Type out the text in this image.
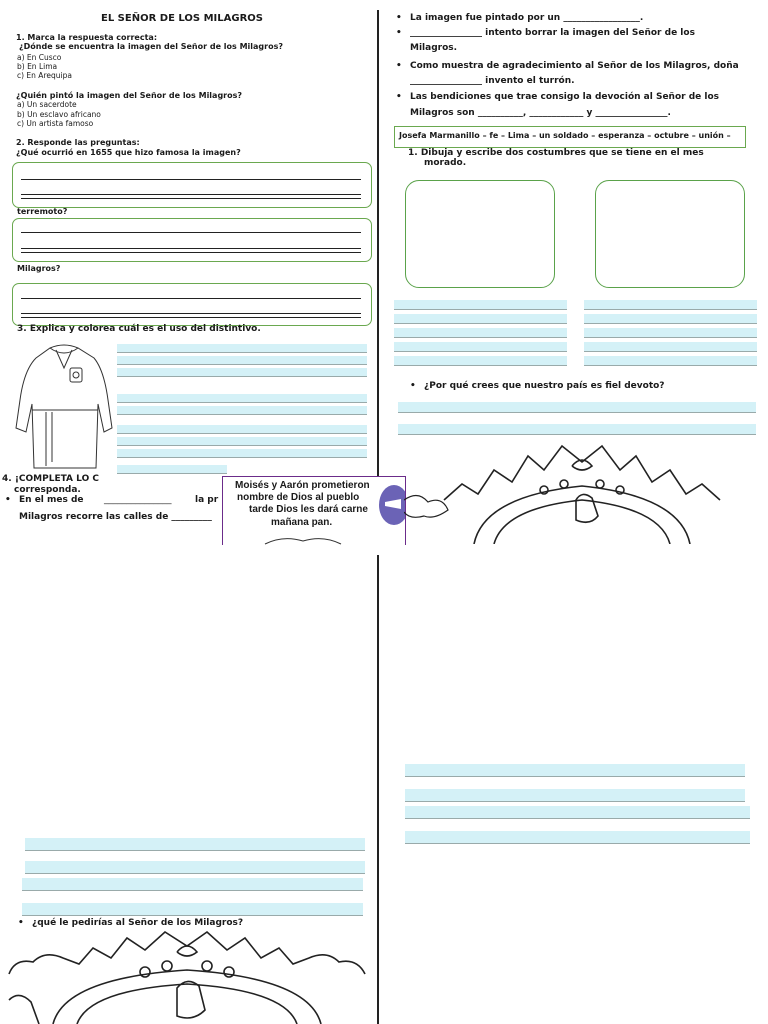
EL SEÑOR DE LOS MILAGROS
1. Marca la respuesta correcta:
¿Dónde se encuentra la imagen del Señor de los Milagros?
a) En Cusco
b) En Lima
c) En Arequipa
¿Quién pintó la imagen del Señor de los Milagros?
a) Un sacerdote
b) Un esclavo africano
c) Un artista famoso
2. Responde las preguntas:
¿Qué ocurrió en 1655 que hizo famosa la imagen?
terremoto?
Milagros?
3. Explica y colorea cuál es el uso del distintivo.
4. ¡COMPLETA LO C
corresponda.
• En el mes de _______________	la pr
Milagros recorre las calles de _________
Moisés y Aarón prometieron
nombre de Dios al pueblo
tarde Dios les dará carne
mañana pan.
• La imagen fue pintado por un _________________.
• ________________ intento borrar la imagen del Señor de los
Milagros.
• Como muestra de agradecimiento al Señor de los Milagros, doña
________________ invento el turrón.
• Las bendiciones que trae consigo la devoción al Señor de los
Milagros son __________, ____________ y ________________.
Josefa Marmanillo – fe – Lima – un soldado – esperanza – octubre – unión –
1. Dibuja y escribe dos costumbres que se tiene en el mes
morado.
• ¿Por qué crees que nuestro país es fiel devoto?
• ¿qué le pedirías al Señor de los Milagros?
